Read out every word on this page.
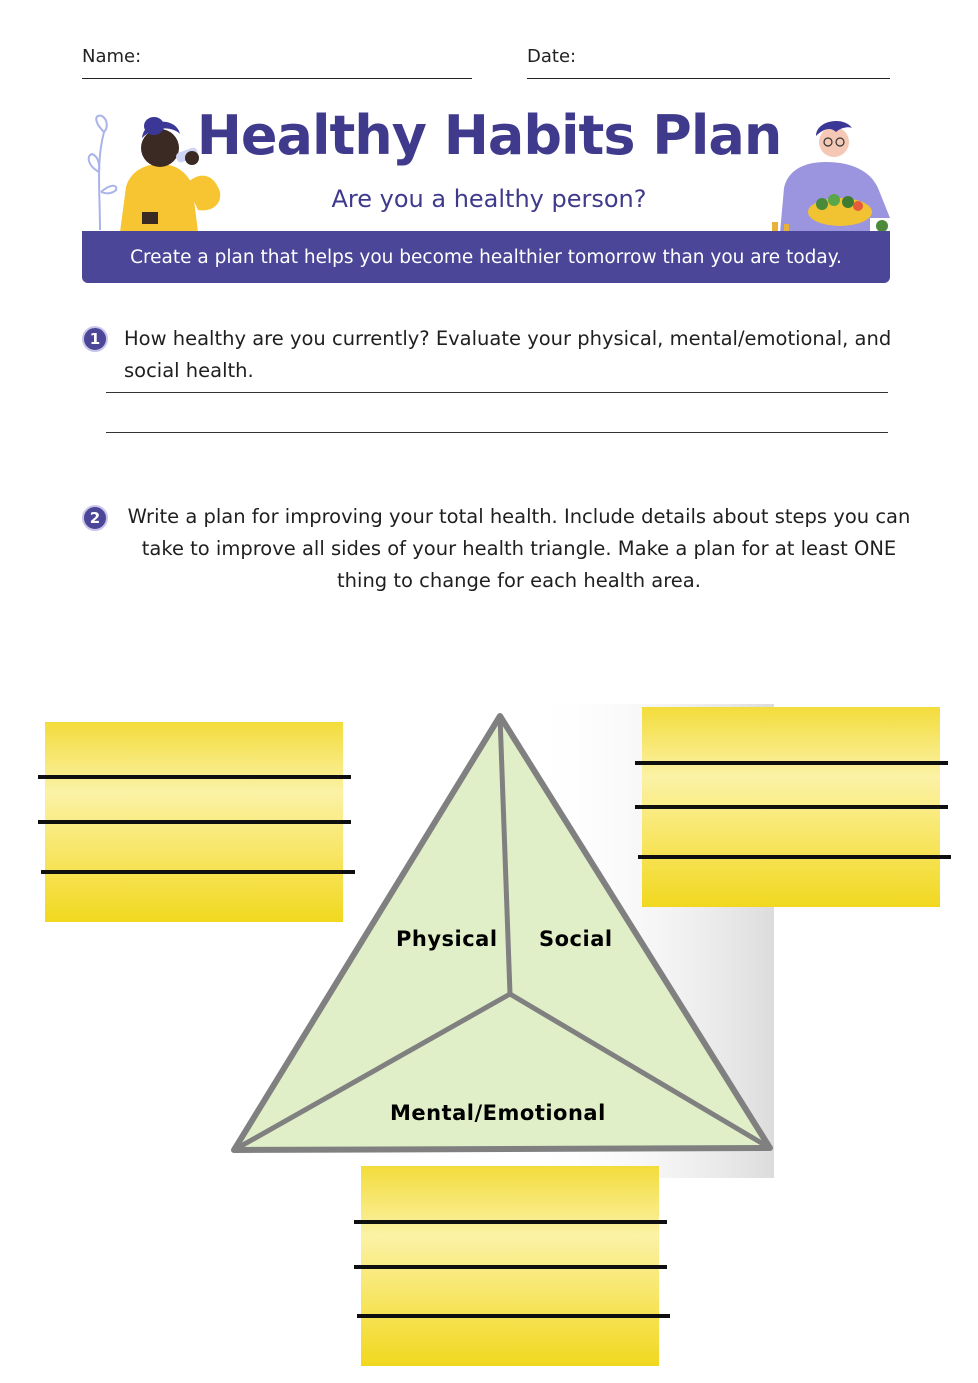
Name:	Date:
Healthy Habits Plan
Are you a healthy person?
Create a plan that helps you become healthier tomorrow than you are today.
1	How healthy are you currently? Evaluate your physical, mental/emotional, and social health.
2	Write a plan for improving your total health. Include details about steps you can take to improve all sides of your health triangle. Make a plan for at least ONE thing to change for each health area.
Physical Social
Mental/Emotional
